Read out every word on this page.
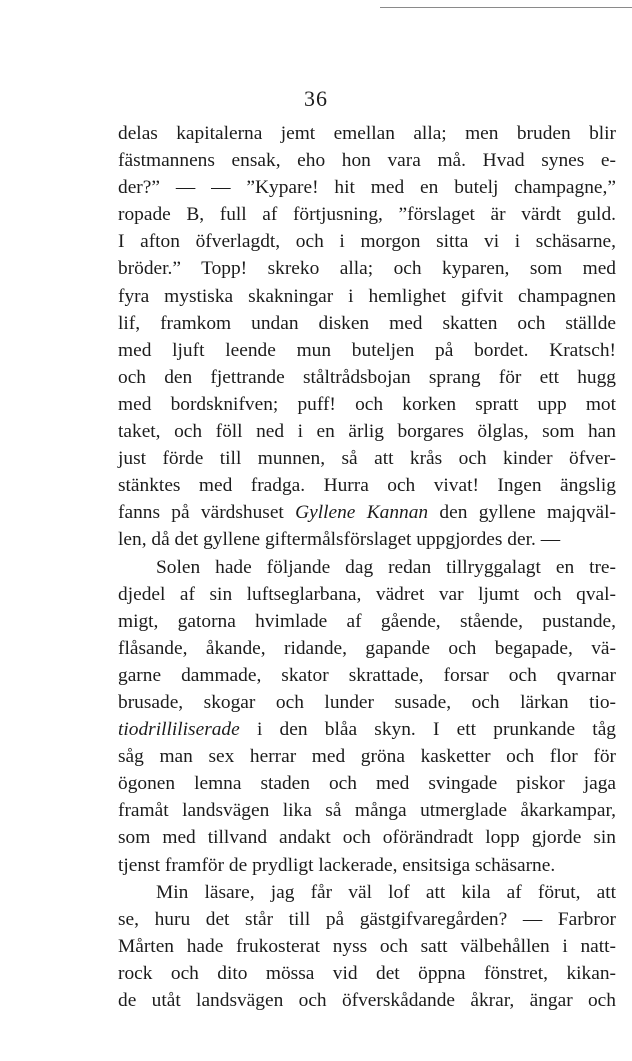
36
delas kapitalerna jemt emellan alla; men bruden blir
fästmannens ensak, eho hon vara må. Hvad synes e-
der?” — — ”Kypare! hit med en butelj champagne,”
ropade B, full af förtjusning, ”förslaget är värdt guld.
I afton öfverlagdt, och i morgon sitta vi i schäsarne,
bröder.” Topp! skreko alla; och kyparen, som med
fyra mystiska skakningar i hemlighet gifvit champagnen
lif, framkom undan disken med skatten och ställde
med ljuft leende mun buteljen på bordet. Kratsch!
och den fjettrande ståltrådsbojan sprang för ett hugg
med bordsknifven; puff! och korken spratt upp mot
taket, och föll ned i en ärlig borgares ölglas, som han
just förde till munnen, så att krås och kinder öfver-
stänktes med fradga. Hurra och vivat! Ingen ängslig
fanns på värdshuset Gyllene Kannan den gyllene majqväl-
len, då det gyllene giftermålsförslaget uppgjordes der. —
Solen hade följande dag redan tillryggalagt en tre-
djedel af sin luftseglarbana, vädret var ljumt och qval-
migt, gatorna hvimlade af gående, stående, pustande,
flåsande, åkande, ridande, gapande och begapade, vä-
garne dammade, skator skrattade, forsar och qvarnar
brusade, skogar och lunder susade, och lärkan tio-
tiodrilliliserade i den blåa skyn. I ett prunkande tåg
såg man sex herrar med gröna kasketter och flor för
ögonen lemna staden och med svingade piskor jaga
framåt landsvägen lika så många utmerglade åkarkampar,
som med tillvand andakt och oförändradt lopp gjorde sin
tjenst framför de prydligt lackerade, ensitsiga schäsarne.
Min läsare, jag får väl lof att kila af förut, att
se, huru det står till på gästgifvaregården? — Farbror
Mårten hade frukosterat nyss och satt välbehållen i natt-
rock och dito mössa vid det öppna fönstret, kikan-
de utåt landsvägen och öfverskådande åkrar, ängar och
